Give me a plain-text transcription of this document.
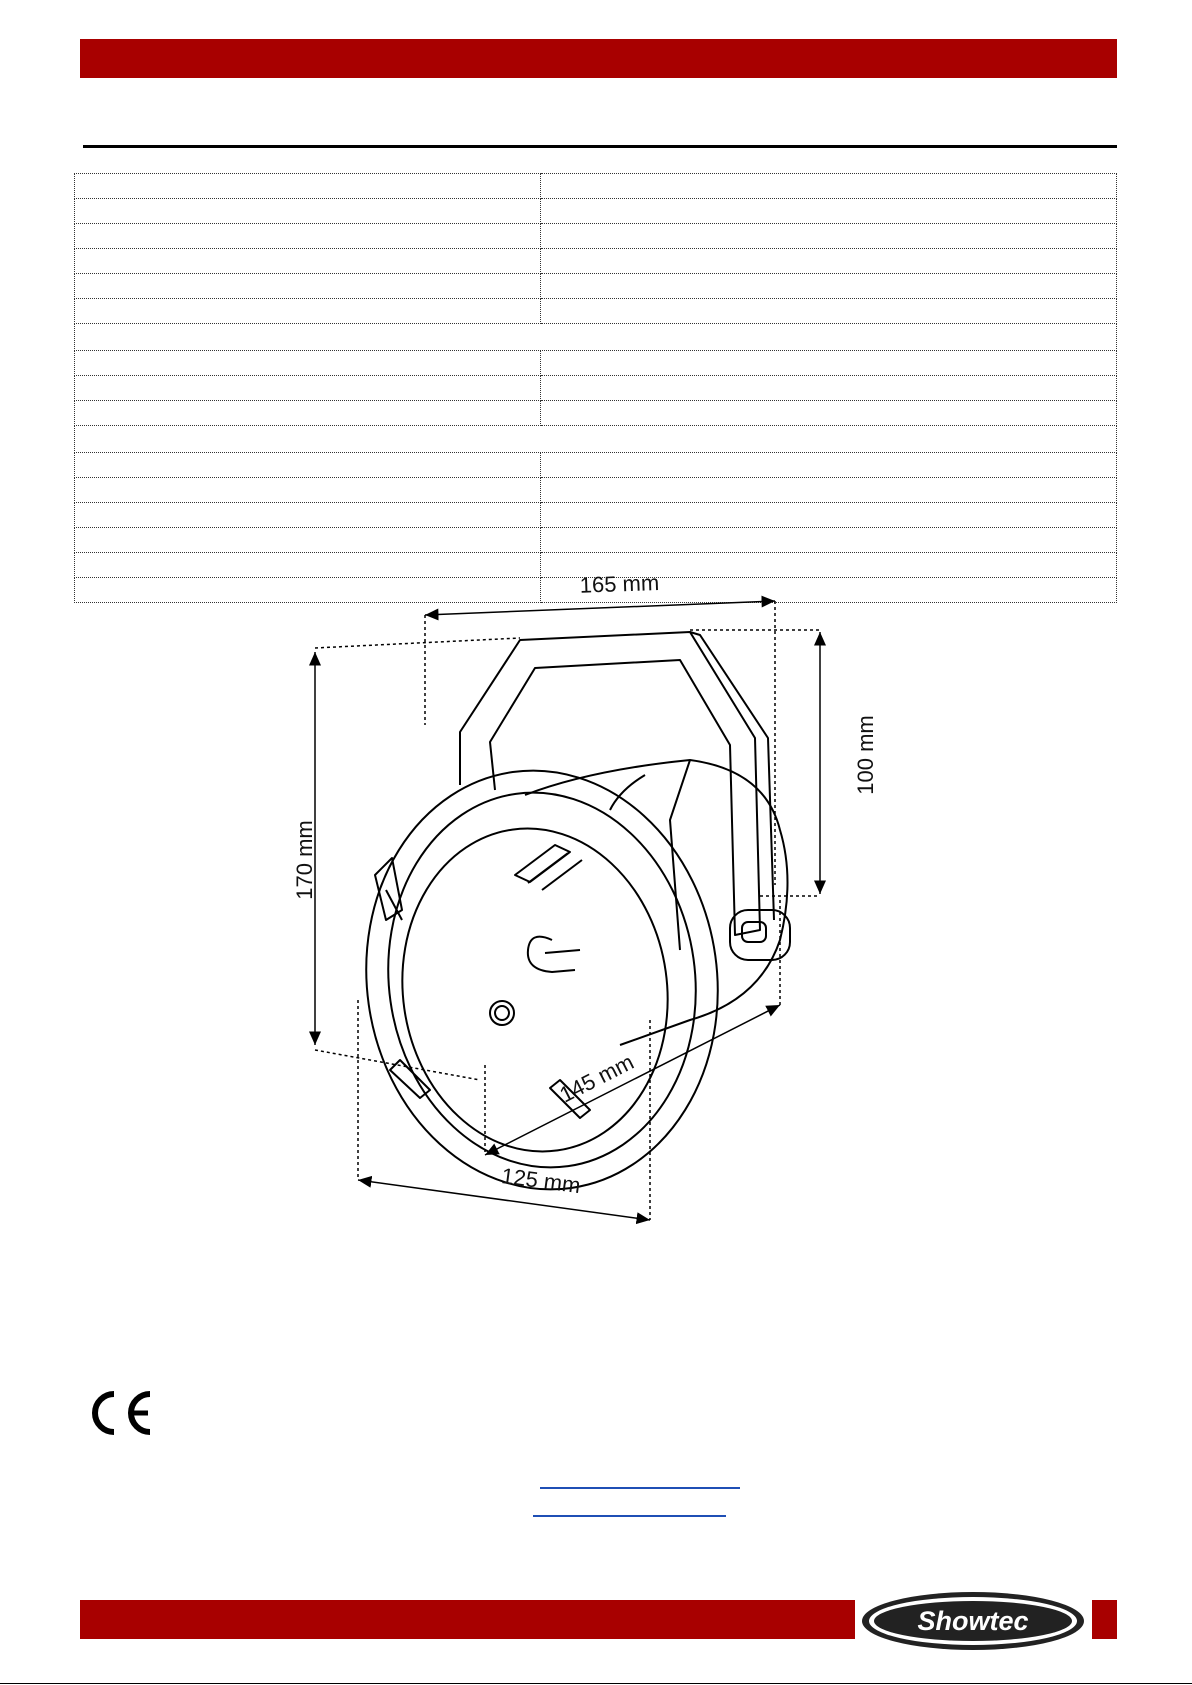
165 mm
170 mm
100 mm
145 mm
125 mm
Showtec
